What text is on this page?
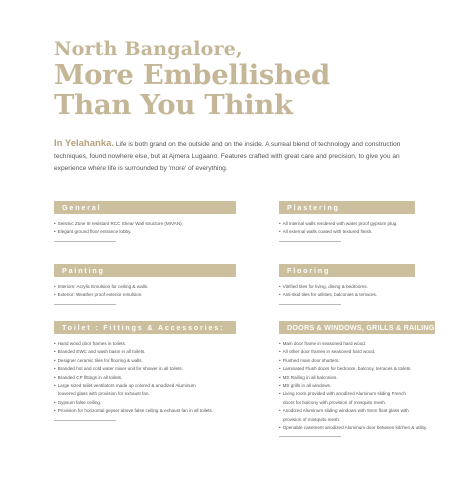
North Bangalore,
More Embellished
Than You Think

In Yelahanka. Life is both grand on the outside and on the inside. A surreal blend of technology and construction techniques, found nowhere else, but at Ajmera Lugaano. Features crafted with great care and precision, to give you an experience where life is surrounded by 'more' of everything.

General
• Seismic Zone III resistant RCC Shear Wall structure (MIVAN).
• Elegant ground floor entrance lobby.
Painting
• Interiors: Acrylic Emulsion for ceiling & walls.
• Exterior: Weather proof exterior emulsion.
Toilet : Fittings & Accessories:
• Hand wood door frames in toilets.
• Branded EWC and wash basin in all toilets.
• Designer ceramic tiles for flooring & walls.
• Branded hot and cold water mixer unit for shower in all toilets.
• Branded CP fittings in all toilets.
• Large sized toilet ventilators made up colored & anodized Aluminum
louvered glass with provision for exhaust fan.
• Gypsum false ceiling.
• Provision for horizontal geyser above false ceiling & exhaust fan in all toilets.
Plastering
• All internal walls rendered with water proof gypsum plug.
• All external walls coated with textured finish.
Flooring
• Vitrified tiles for living, dining & bedrooms.
• Anti-skid tiles for utilities, balconies & terraces.
DOORS & WINDOWS, GRILLS & RAILING
• Main door frame in seasoned hard wood.
• All other door frames in seasoned hard wood.
• Flushed main door shutters.
• Laminated Flush doors for bedroom, balcony, terraces & toilets.
• MS Railing in all balconies.
• MS grills in all windows.
• Living room provided with anodized Aluminum sliding French
doors for balcony with provision of mosquito mesh.
• Anodized Aluminum sliding windows with 5mm float glass with
provision of mosquito mesh.
• Openable casement anodized Aluminum door between kitchen & utility.
